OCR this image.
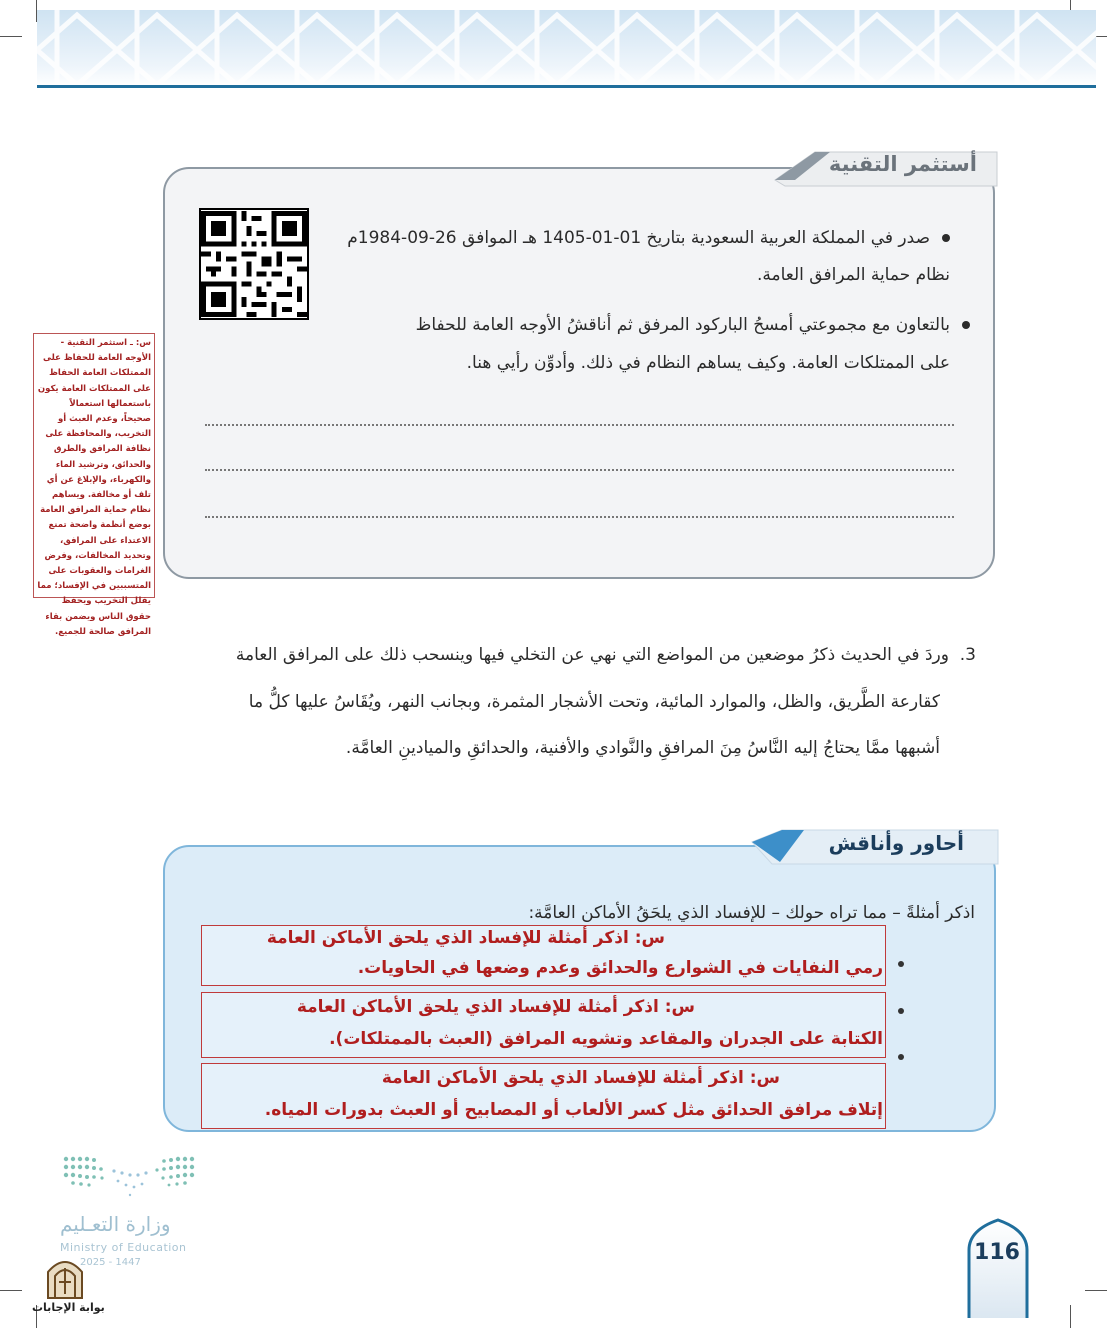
أستثمر التقنية
صدر في المملكة العربية السعودية بتاريخ 01-01-1405 هـ الموافق 26-09-1984م
نظام حماية المرافق العامة.
بالتعاون مع مجموعتي أمسحُ الباركود المرفق ثم أناقشُ الأوجه العامة للحفاظ
على الممتلكات العامة. وكيف يساهم النظام في ذلك. وأدوِّن رأيي هنا.
س: ـ استثمر التقنية - الأوجه العامة للحفاظ على الممتلكات العامة الحفاظ على الممتلكات العامة يكون باستعمالها استعمالاً صحيحاً، وعدم العبث أو التخريب، والمحافظة على نظافة المرافق والطرق والحدائق، وترشيد الماء والكهرباء، والإبلاغ عن أي تلف أو مخالفة. ويساهم نظام حماية المرافق العامة بوضع أنظمة واضحة تمنع الاعتداء على المرافق، وتحديد المخالفات، وفرض الغرامات والعقوبات على المتسببين في الإفساد؛ مما يقلل التخريب ويحفظ حقوق الناس ويضمن بقاء المرافق صالحة للجميع.
3.  وردَ في الحديث ذكرُ موضعين من المواضع التي نهي عن التخلي فيها وينسحب ذلك على المرافق العامة
كقارعة الطَّريق، والظل، والموارد المائية، وتحت الأشجار المثمرة، وبجانب النهر، ويُقَاسُ عليها كلُّ ما
أشبهها ممَّا يحتاجُ إليه النَّاسُ مِنَ المرافقِ والنَّوادي والأفنية، والحدائقِ والميادينِ العامَّة.
أحاور وأناقش
اذكر أمثلةً – مما تراه حولك – للإفساد الذي يلحَقُ الأماكن العامَّة:
س: اذكر أمثلة للإفساد الذي يلحق الأماكن العامة
رمي النفايات في الشوارع والحدائق وعدم وضعها في الحاويات.
س: اذكر أمثلة للإفساد الذي يلحق الأماكن العامة
الكتابة على الجدران والمقاعد وتشويه المرافق (العبث بالممتلكات).
س: اذكر أمثلة للإفساد الذي يلحق الأماكن العامة
إتلاف مرافق الحدائق مثل كسر الألعاب أو المصابيح أو العبث بدورات المياه.
وزارة التعـليم
Ministry of Education
2025 - 1447	116
بوابة الإجابات
